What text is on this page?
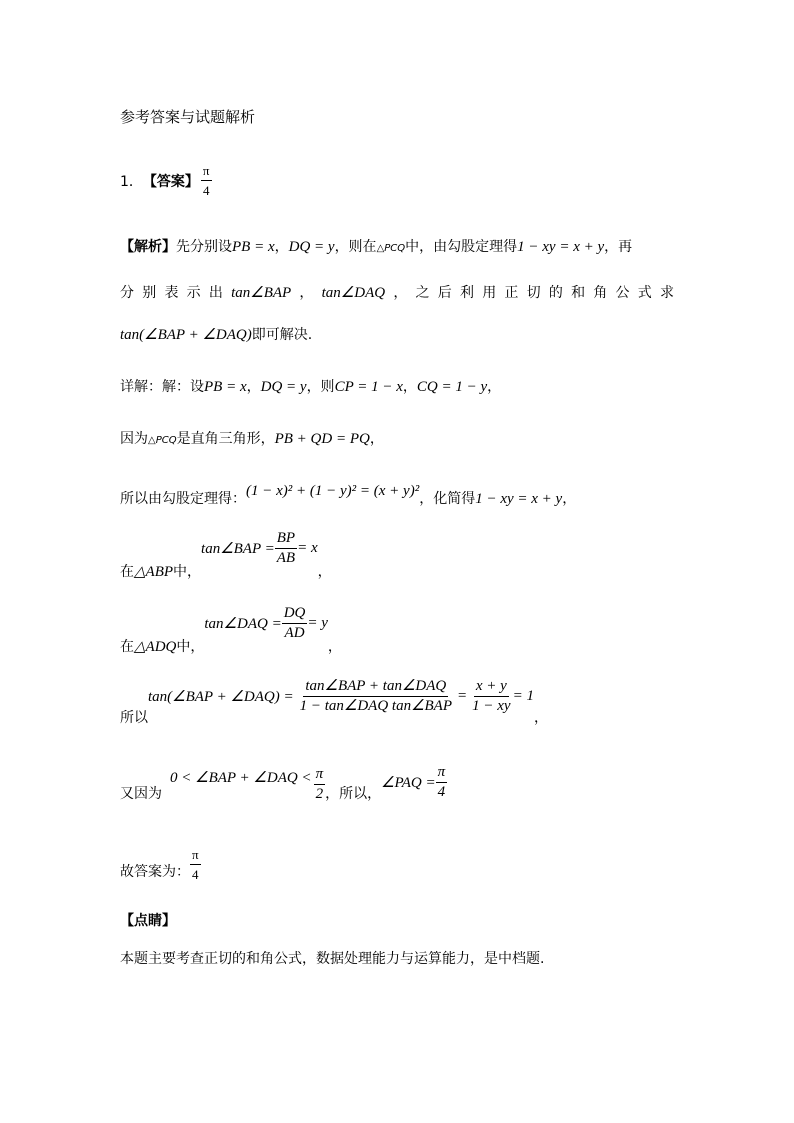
参考答案与试题解析
1． 【答案】 $\frac{\pi}{4}$
【解析】先分别设PB = x，DQ = y，则在△PCQ中，由勾股定理得1 − xy = x + y，再
分 别 表 示 出 tan∠BAP ， tan∠DAQ ， 之 后 利 用 正 切 的 和 角 公 式 求
tan(∠BAP + ∠DAQ)即可解决.
详解：解：设PB = x，DQ = y，则CP = 1 − x，CQ = 1 − y，
因为△PCQ是直角三角形，PB + QD = PQ，
所以由勾股定理得：(1 − x)² + (1 − y)² = (x + y)²，化简得1 − xy = x + y，
在 △ABP 中，
tan∠BAP = $\frac{BP}{AB} = x$
，
在 △ADQ 中，
tan∠DAQ = $\frac{DQ}{AD} = y$
，
所以
tan(∠BAP + ∠DAQ) = $\frac{\text{tan∠BAP + tan∠DAQ}}{\text{1 − tan∠DAQ tan∠BAP}} = \frac{x + y}{1 - xy} = 1$
，
又因为
0 < ∠BAP + ∠DAQ < $\frac{\pi}{2}$ ，所以，
∠PAQ = $\frac{\pi}{4}$
故答案为： $\frac{\pi}{4}$
【点睛】
本题主要考查正切的和角公式，数据处理能力与运算能力，是中档题.
